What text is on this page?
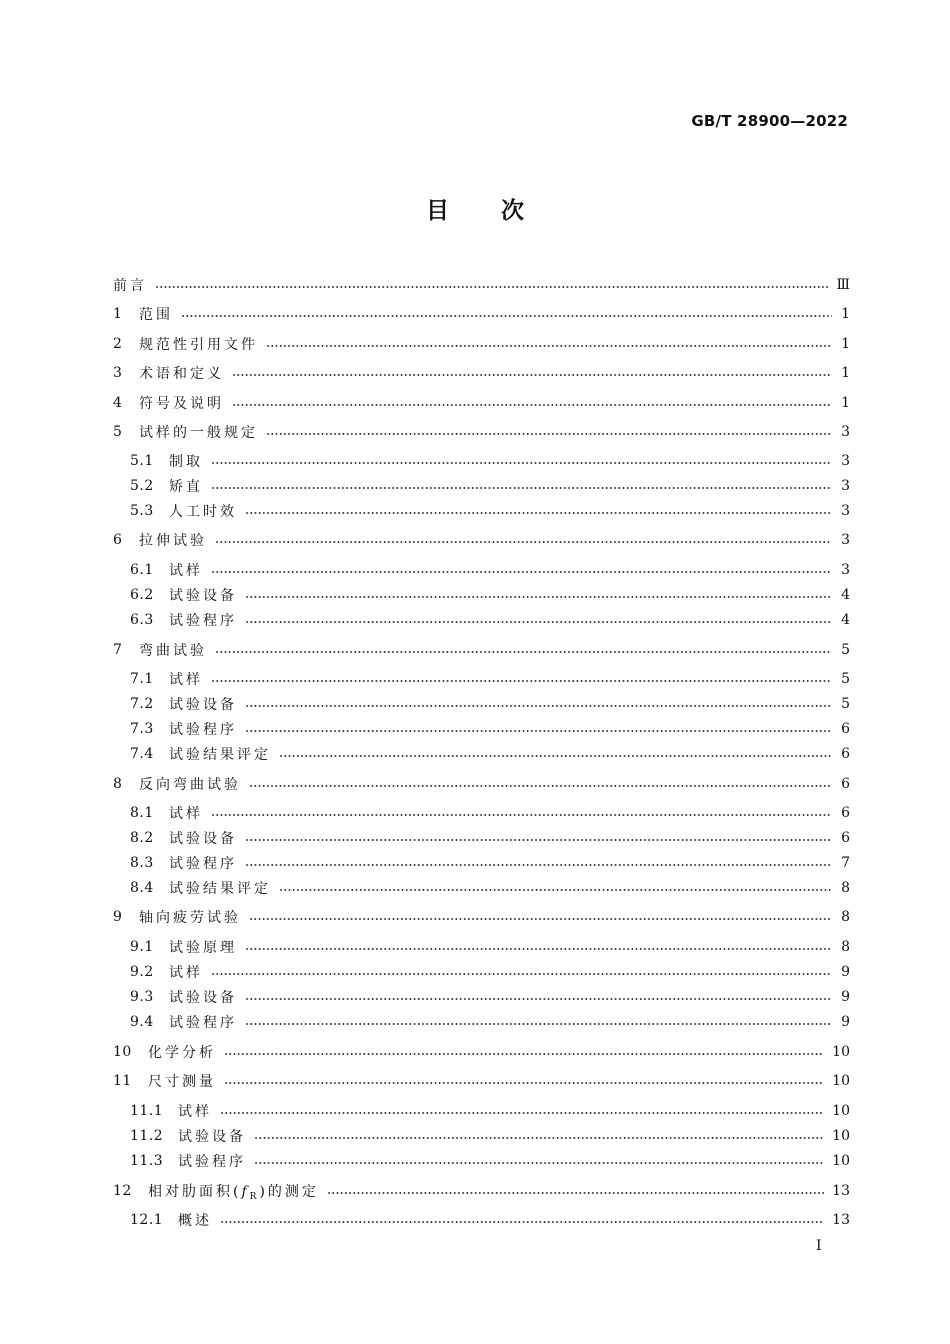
GB/T 28900—2022
目次
前言	Ⅲ
1	范围	1
2	规范性引用文件	1
3	术语和定义	1
4	符号及说明	1
5	试样的一般规定	3
5.1	制取	3
5.2	矫直	3
5.3	人工时效	3
6	拉伸试验	3
6.1	试样	3
6.2	试验设备	4
6.3	试验程序	4
7	弯曲试验	5
7.1	试样	5
7.2	试验设备	5
7.3	试验程序	6
7.4	试验结果评定	6
8	反向弯曲试验	6
8.1	试样	6
8.2	试验设备	6
8.3	试验程序	7
8.4	试验结果评定	8
9	轴向疲劳试验	8
9.1	试验原理	8
9.2	试样	9
9.3	试验设备	9
9.4	试验程序	9
10	化学分析	10
11	尺寸测量	10
11.1	试样	10
11.2	试验设备	10
11.3	试验程序	10
12	相对肋面积$(f_R)$的测定	13
12.1	概述	13
Ⅰ
